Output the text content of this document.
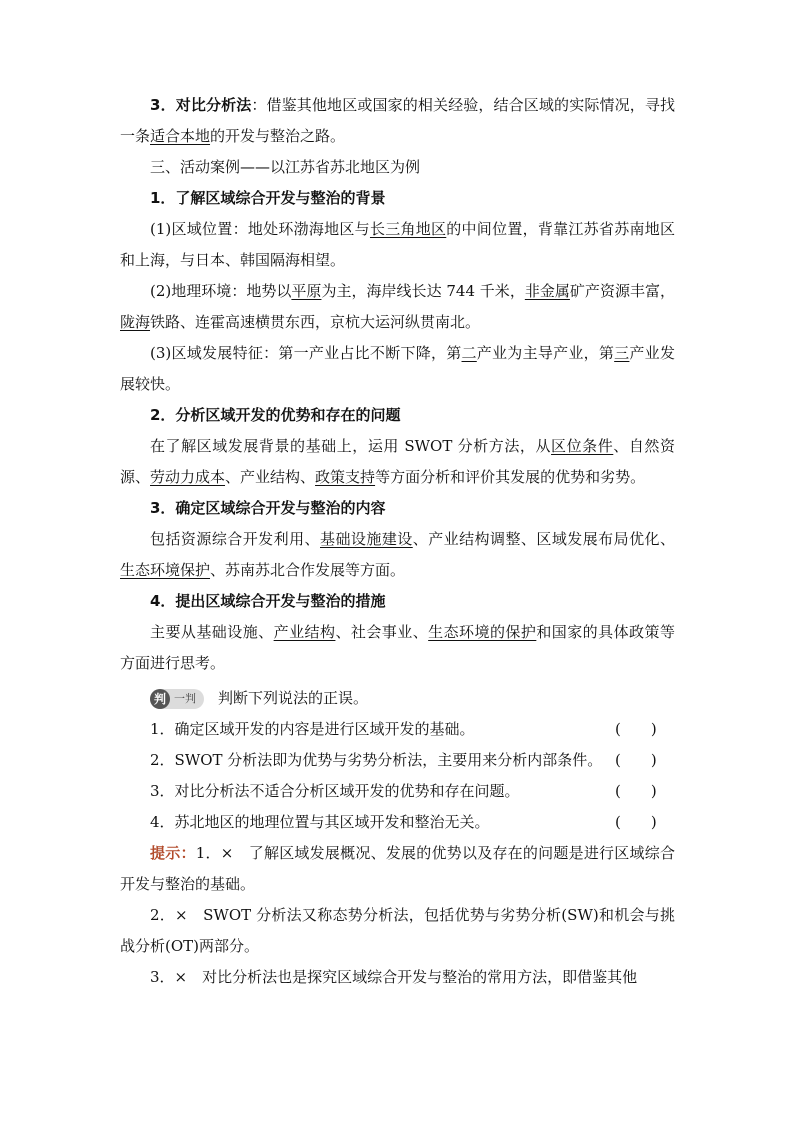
3．对比分析法：借鉴其他地区或国家的相关经验，结合区域的实际情况，寻找一条适合本地的开发与整治之路。

三、活动案例——以江苏省苏北地区为例

1．了解区域综合开发与整治的背景

(1)区域位置：地处环渤海地区与长三角地区的中间位置，背靠江苏省苏南地区和上海，与日本、韩国隔海相望。

(2)地理环境：地势以平原为主，海岸线长达 744 千米，非金属矿产资源丰富，陇海铁路、连霍高速横贯东西，京杭大运河纵贯南北。

(3)区域发展特征：第一产业占比不断下降，第二产业为主导产业，第三产业发展较快。

2．分析区域开发的优势和存在的问题

在了解区域发展背景的基础上，运用 SWOT 分析方法，从区位条件、自然资源、劳动力成本、产业结构、政策支持等方面分析和评价其发展的优势和劣势。

3．确定区域综合开发与整治的内容

包括资源综合开发利用、基础设施建设、产业结构调整、区域发展布局优化、生态环境保护、苏南苏北合作发展等方面。

4．提出区域综合开发与整治的措施

主要从基础设施、产业结构、社会事业、生态环境的保护和国家的具体政策等方面进行思考。

判 一判 判断下列说法的正误。
1．确定区域开发的内容是进行区域开发的基础。	(　　)
2．SWOT 分析法即为优势与劣势分析法，主要用来分析内部条件。 (　　)
3．对比分析法不适合分析区域开发的优势和存在问题。	(　　)
4．苏北地区的地理位置与其区域开发和整治无关。	(　　)

提示：1．×　了解区域发展概况、发展的优势以及存在的问题是进行区域综合开发与整治的基础。

2．×　SWOT 分析法又称态势分析法，包括优势与劣势分析(SW)和机会与挑战分析(OT)两部分。

3．×　对比分析法也是探究区域综合开发与整治的常用方法，即借鉴其他
